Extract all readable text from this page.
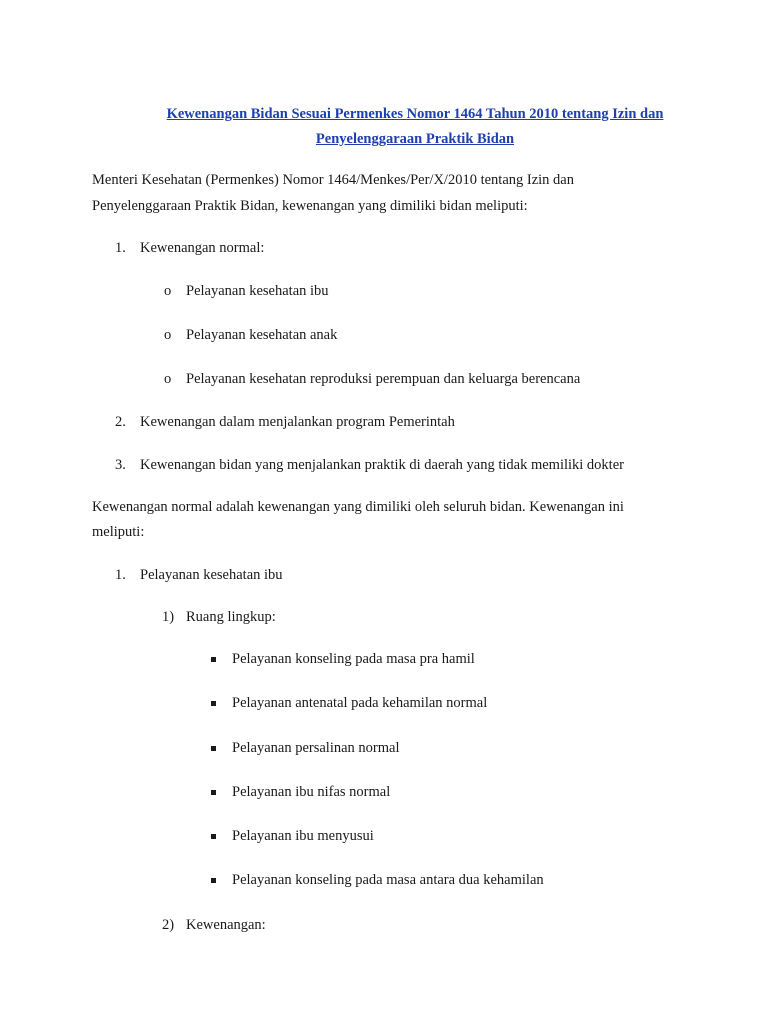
Kewenangan Bidan Sesuai Permenkes Nomor 1464 Tahun 2010 tentang Izin dan
Penyelenggaraan Praktik Bidan
Menteri Kesehatan (Permenkes) Nomor 1464/Menkes/Per/X/2010 tentang Izin dan
Penyelenggaraan Praktik Bidan, kewenangan yang dimiliki bidan meliputi:
1. Kewenangan normal:
o Pelayanan kesehatan ibu
o Pelayanan kesehatan anak
o Pelayanan kesehatan reproduksi perempuan dan keluarga berencana
2. Kewenangan dalam menjalankan program Pemerintah
3. Kewenangan bidan yang menjalankan praktik di daerah yang tidak memiliki dokter
Kewenangan normal adalah kewenangan yang dimiliki oleh seluruh bidan. Kewenangan ini
meliputi:
1. Pelayanan kesehatan ibu
1) Ruang lingkup:
Pelayanan konseling pada masa pra hamil
Pelayanan antenatal pada kehamilan normal
Pelayanan persalinan normal
Pelayanan ibu nifas normal
Pelayanan ibu menyusui
Pelayanan konseling pada masa antara dua kehamilan
2) Kewenangan:
